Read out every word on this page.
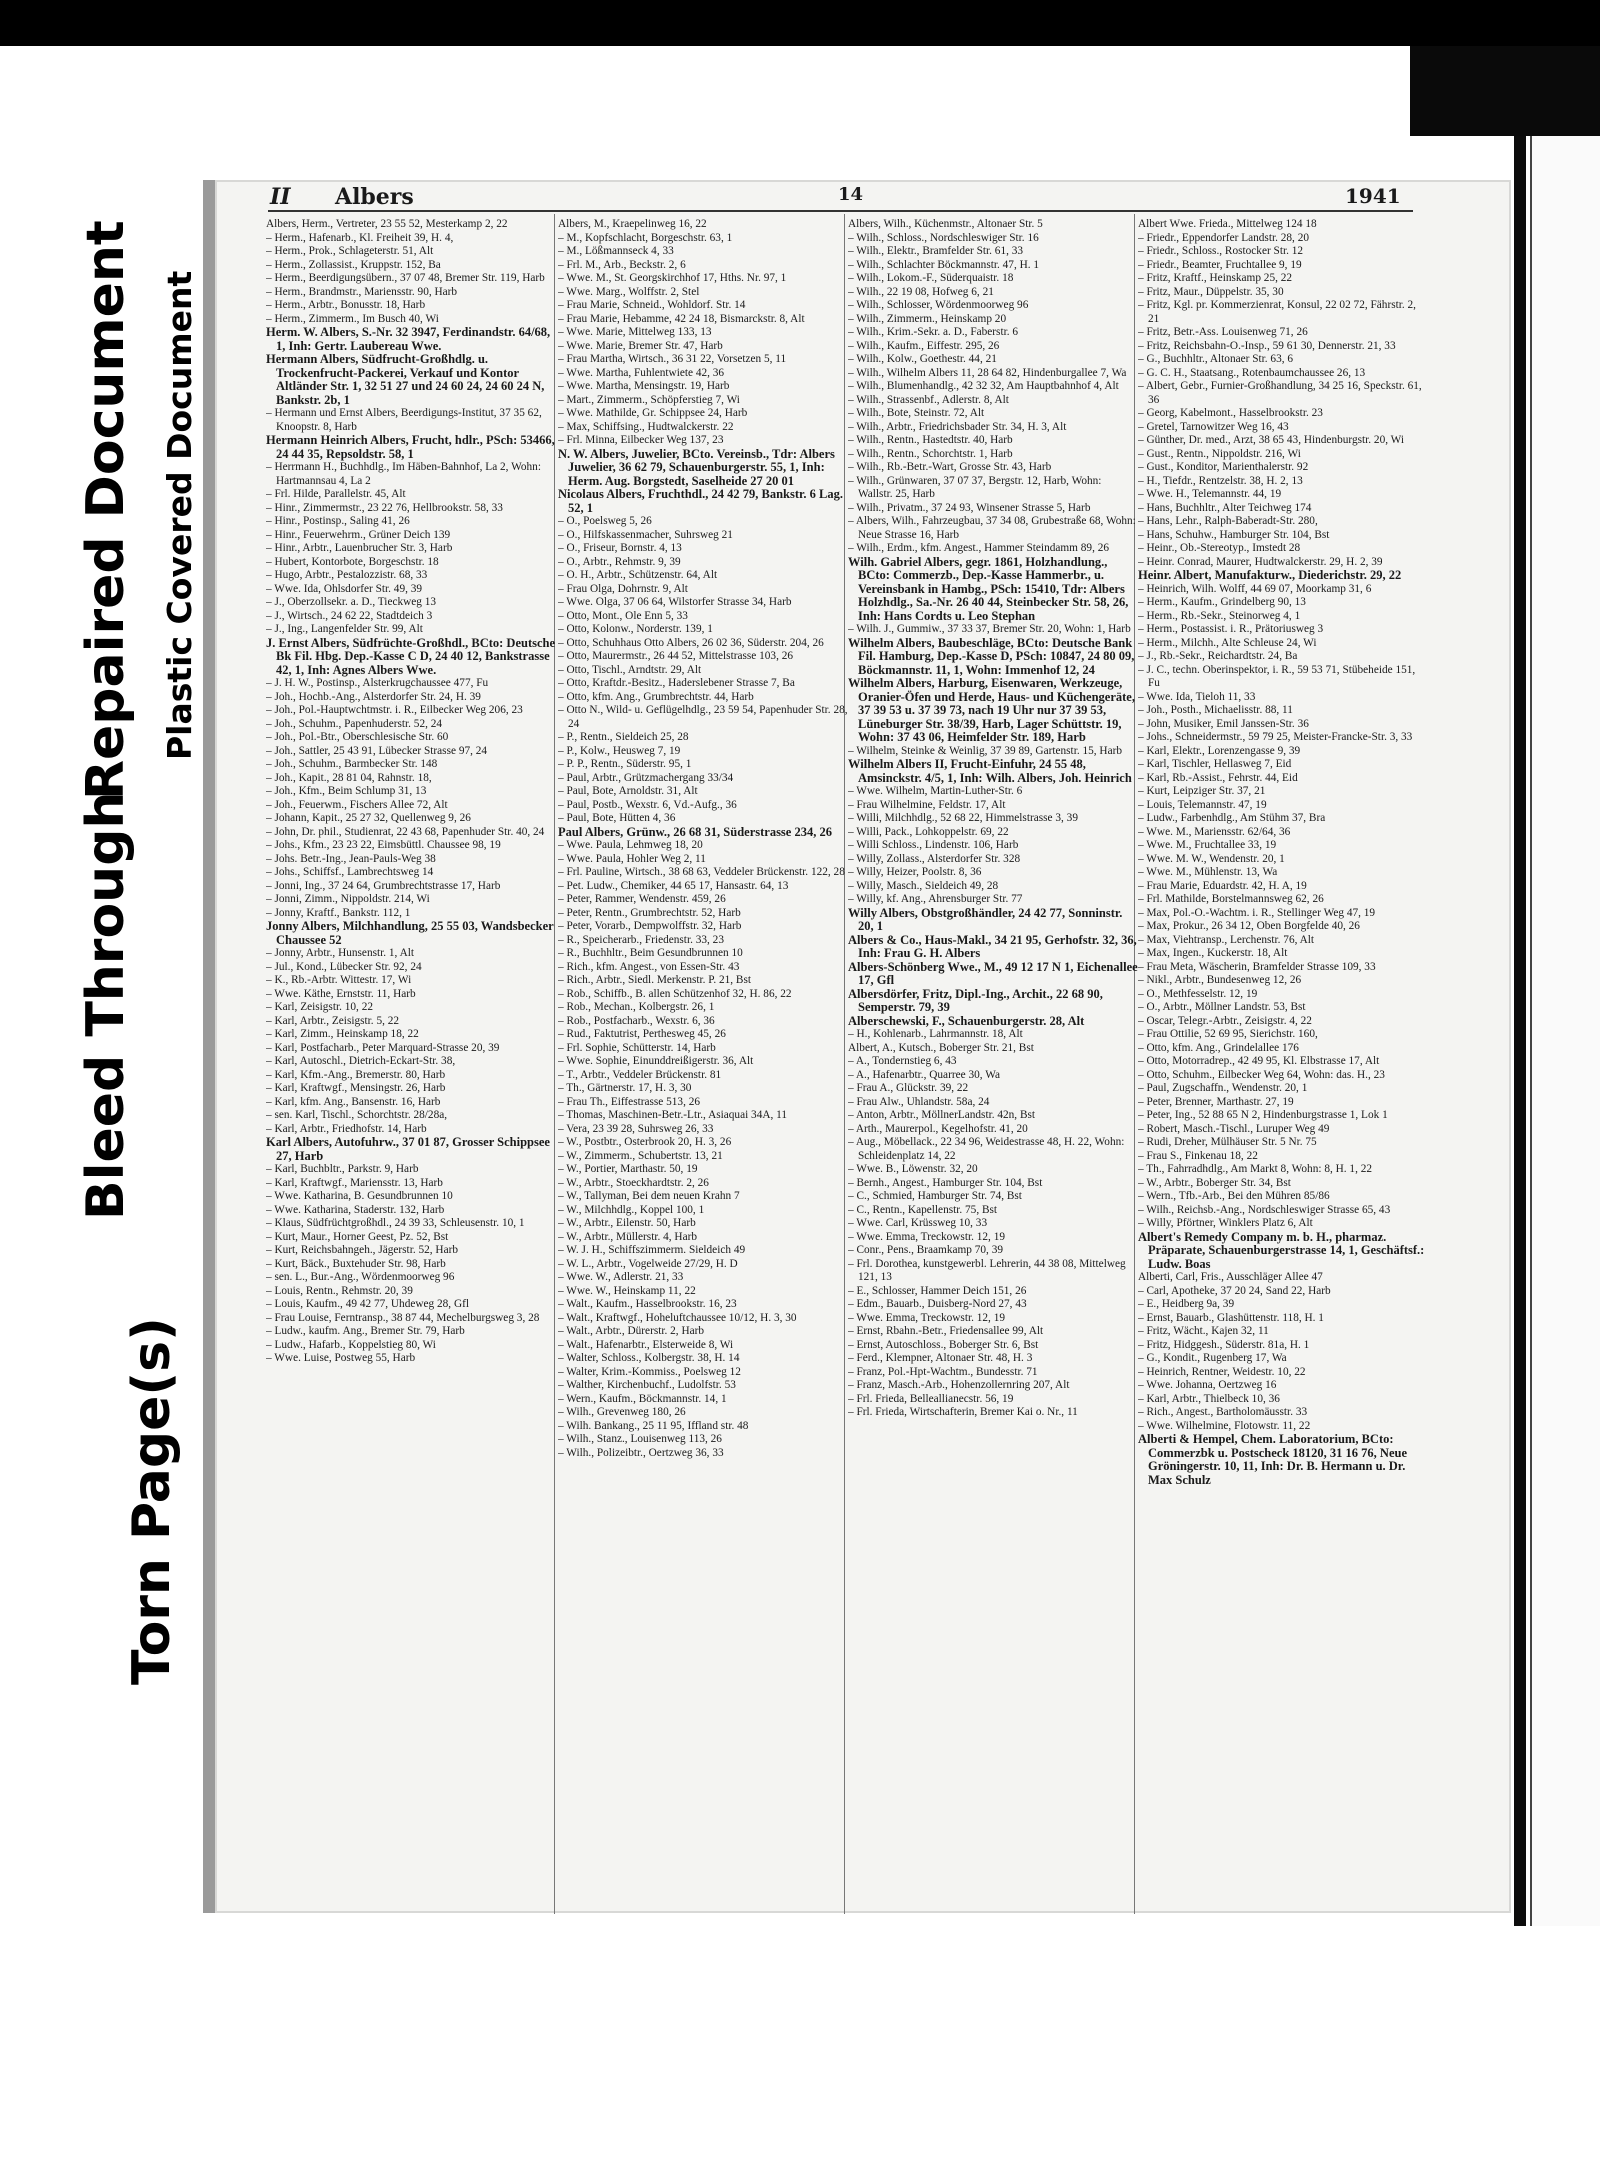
Torn Page(s)
Bleed Through
Repaired Document Plastic Covered Document
II Albers	14	1941

Albers, Herm., Vertreter, 23 55 52, Mesterkamp 2, 22

– Herm., Hafenarb., Kl. Freiheit 39, H. 4,

– Herm., Prok., Schlageterstr. 51, Alt

– Herm., Zollassist., Kruppstr. 152, Ba

– Herm., Beerdigungsübern., 37 07 48, Bremer Str. 119, Harb

– Herm., Brandmstr., Mariensstr. 90, Harb

– Herm., Arbtr., Bonusstr. 18, Harb

– Herm., Zimmerm., Im Busch 40, Wi

Herm. W. Albers, S.-Nr. 32 3947, Ferdinandstr. 64/68, 1, Inh: Gertr. Laubereau Wwe.

Hermann Albers, Südfrucht-Großhdlg. u. Trockenfrucht-Packerei, Verkauf und Kontor Altländer Str. 1, 32 51 27 und 24 60 24, 24 60 24 N, Bankstr. 2b, 1

– Hermann und Ernst Albers, Beerdigungs-Institut, 37 35 62, Knoopstr. 8, Harb

Hermann Heinrich Albers, Frucht, hdlr., PSch: 53466, 24 44 35, Repsoldstr. 58, 1

– Herrmann H., Buchhdlg., Im Häben-Bahnhof, La 2, Wohn: Hartmannsau 4, La 2

– Frl. Hilde, Parallelstr. 45, Alt

– Hinr., Zimmermstr., 23 22 76, Hellbrookstr. 58, 33

– Hinr., Postinsp., Saling 41, 26

– Hinr., Feuerwehrm., Grüner Deich 139

– Hinr., Arbtr., Lauenbrucher Str. 3, Harb

– Hubert, Kontorbote, Borgeschstr. 18

– Hugo, Arbtr., Pestalozzistr. 68, 33

– Wwe. Ida, Ohlsdorfer Str. 49, 39

– J., Oberzollsekr. a. D., Tieckweg 13

– J., Wirtsch., 24 62 22, Stadtdeich 3

– J., Ing., Langenfelder Str. 99, Alt

J. Ernst Albers, Südfrüchte-Großhdl., BCto: Deutsche Bk Fil. Hbg. Dep.-Kasse C D, 24 40 12, Bankstrasse 42, 1, Inh: Agnes Albers Wwe.

– J. H. W., Postinsp., Alsterkrugchaussee 477, Fu

– Joh., Hochb.-Ang., Alsterdorfer Str. 24, H. 39

– Joh., Pol.-Hauptwchtmstr. i. R., Eilbecker Weg 206, 23

– Joh., Schuhm., Papenhuderstr. 52, 24

– Joh., Pol.-Btr., Oberschlesische Str. 60

– Joh., Sattler, 25 43 91, Lübecker Strasse 97, 24

– Joh., Schuhm., Barmbecker Str. 148

– Joh., Kapit., 28 81 04, Rahnstr. 18,

– Joh., Kfm., Beim Schlump 31, 13

– Joh., Feuerwm., Fischers Allee 72, Alt

– Johann, Kapit., 25 27 32, Quellenweg 9, 26

– John, Dr. phil., Studienrat, 22 43 68, Papenhuder Str. 40, 24

– Johs., Kfm., 23 23 22, Eimsbüttl. Chaussee 98, 19

– Johs. Betr.-Ing., Jean-Pauls-Weg 38

– Johs., Schiffsf., Lambrechtsweg 14

– Jonni, Ing., 37 24 64, Grumbrechtstrasse 17, Harb

– Jonni, Zimm., Nippoldstr. 214, Wi

– Jonny, Kraftf., Bankstr. 112, 1

Jonny Albers, Milchhandlung, 25 55 03, Wandsbecker Chaussee 52

– Jonny, Arbtr., Hunsenstr. 1, Alt

– Jul., Kond., Lübecker Str. 92, 24

– K., Rb.-Arbtr. Wittestr. 17, Wi

– Wwe. Käthe, Ernststr. 11, Harb

– Karl, Zeisigstr. 10, 22

– Karl, Arbtr., Zeisigstr. 5, 22

– Karl, Zimm., Heinskamp 18, 22

– Karl, Postfacharb., Peter Marquard-Strasse 20, 39

– Karl, Autoschl., Dietrich-Eckart-Str. 38,

– Karl, Kfm.-Ang., Bremerstr. 80, Harb

– Karl, Kraftwgf., Mensingstr. 26, Harb

– Karl, kfm. Ang., Bansenstr. 16, Harb

– sen. Karl, Tischl., Schorchtstr. 28/28a,

– Karl, Arbtr., Friedhofstr. 14, Harb

Karl Albers, Autofuhrw., 37 01 87, Grosser Schippsee 27, Harb

– Karl, Buchbltr., Parkstr. 9, Harb

– Karl, Kraftwgf., Mariensstr. 13, Harb

– Wwe. Katharina, B. Gesundbrunnen 10

– Wwe. Katharina, Staderstr. 132, Harb

– Klaus, Südfrüchtgroßhdl., 24 39 33, Schleusenstr. 10, 1

– Kurt, Maur., Horner Geest, Pz. 52, Bst

– Kurt, Reichsbahngeh., Jägerstr. 52, Harb

– Kurt, Bäck., Buxtehuder Str. 98, Harb

– sen. L., Bur.-Ang., Wördenmoorweg 96

– Louis, Rentn., Rehmstr. 20, 39

– Louis, Kaufm., 49 42 77, Uhdeweg 28, Gfl

– Frau Louise, Ferntransp., 38 87 44, Mechelburgsweg 3, 28

– Ludw., kaufm. Ang., Bremer Str. 79, Harb

– Ludw., Hafarb., Koppelstieg 80, Wi

– Wwe. Luise, Postweg 55, Harb

Albers, M., Kraepelinweg 16, 22

– M., Kopfschlacht, Borgeschstr. 63, 1

– M., Lößmannseck 4, 33

– Frl. M., Arb., Beckstr. 2, 6

– Wwe. M., St. Georgskirchhof 17, Hths. Nr. 97, 1

– Wwe. Marg., Wolffstr. 2, Stel

– Frau Marie, Schneid., Wohldorf. Str. 14

– Frau Marie, Hebamme, 42 24 18, Bismarckstr. 8, Alt

– Wwe. Marie, Mittelweg 133, 13

– Wwe. Marie, Bremer Str. 47, Harb

– Frau Martha, Wirtsch., 36 31 22, Vorsetzen 5, 11

– Wwe. Martha, Fuhlentwiete 42, 36

– Wwe. Martha, Mensingstr. 19, Harb

– Mart., Zimmerm., Schöpferstieg 7, Wi

– Wwe. Mathilde, Gr. Schippsee 24, Harb

– Max, Schiffsing., Hudtwalckerstr. 22

– Frl. Minna, Eilbecker Weg 137, 23

N. W. Albers, Juwelier, BCto. Vereinsb., Tdr: Albers Juwelier, 36 62 79, Schauenburgerstr. 55, 1, Inh: Herm. Aug. Borgstedt, Saselheide 27 20 01

Nicolaus Albers, Fruchthdl., 24 42 79, Bankstr. 6 Lag. 52, 1

– O., Poelsweg 5, 26

– O., Hilfskassenmacher, Suhrsweg 21

– O., Friseur, Bornstr. 4, 13

– O., Arbtr., Rehmstr. 9, 39

– O. H., Arbtr., Schützenstr. 64, Alt

– Frau Olga, Dohrnstr. 9, Alt

– Wwe. Olga, 37 06 64, Wilstorfer Strasse 34, Harb

– Otto, Mont., Ole Enn 5, 33

– Otto, Kolonw., Norderstr. 139, 1

– Otto, Schuhhaus Otto Albers, 26 02 36, Süderstr. 204, 26

– Otto, Maurermstr., 26 44 52, Mittelstrasse 103, 26

– Otto, Tischl., Arndtstr. 29, Alt

– Otto, Kraftdr.-Besitz., Haderslebener Strasse 7, Ba

– Otto, kfm. Ang., Grumbrechtstr. 44, Harb

– Otto N., Wild- u. Geflügelhdlg., 23 59 54, Papenhuder Str. 28, 24

– P., Rentn., Sieldeich 25, 28

– P., Kolw., Heusweg 7, 19

– P. P., Rentn., Süderstr. 95, 1

– Paul, Arbtr., Grützmachergang 33/34

– Paul, Bote, Arnoldstr. 31, Alt

– Paul, Postb., Wexstr. 6, Vd.-Aufg., 36

– Paul, Bote, Hütten 4, 36

Paul Albers, Grünw., 26 68 31, Süderstrasse 234, 26

– Wwe. Paula, Lehmweg 18, 20

– Wwe. Paula, Hohler Weg 2, 11

– Frl. Pauline, Wirtsch., 38 68 63, Veddeler Brückenstr. 122, 28

– Pet. Ludw., Chemiker, 44 65 17, Hansastr. 64, 13

– Peter, Rammer, Wendenstr. 459, 26

– Peter, Rentn., Grumbrechtstr. 52, Harb

– Peter, Vorarb., Dempwolffstr. 32, Harb

– R., Speicherarb., Friedenstr. 33, 23

– R., Buchhltr., Beim Gesundbrunnen 10

– Rich., kfm. Angest., von Essen-Str. 43

– Rich., Arbtr., Siedl. Merkenstr. P. 21, Bst

– Rob., Schiffb., B. allen Schützenhof 32, H. 86, 22

– Rob., Mechan., Kolbergstr. 26, 1

– Rob., Postfacharb., Wexstr. 6, 36

– Rud., Faktutrist, Perthesweg 45, 26

– Frl. Sophie, Schütterstr. 14, Harb

– Wwe. Sophie, Einunddreißigerstr. 36, Alt

– T., Arbtr., Veddeler Brückenstr. 81

– Th., Gärtnerstr. 17, H. 3, 30

– Frau Th., Eiffestrasse 513, 26

– Thomas, Maschinen-Betr.-Ltr., Asiaquai 34A, 11

– Vera, 23 39 28, Suhrsweg 26, 33

– W., Postbtr., Osterbrook 20, H. 3, 26

– W., Zimmerm., Schubertstr. 13, 21

– W., Portier, Marthastr. 50, 19

– W., Arbtr., Stoeckhardtstr. 2, 26

– W., Tallyman, Bei dem neuen Krahn 7

– W., Milchhdlg., Koppel 100, 1

– W., Arbtr., Eilenstr. 50, Harb

– W., Arbtr., Müllerstr. 4, Harb

– W. J. H., Schiffszimmerm. Sieldeich 49

– W. L., Arbtr., Vogelweide 27/29, H. D

– Wwe. W., Adlerstr. 21, 33

– Wwe. W., Heinskamp 11, 22

– Walt., Kaufm., Hasselbrookstr. 16, 23

– Walt., Kraftwgf., Hoheluftchaussee 10/12, H. 3, 30

– Walt., Arbtr., Dürerstr. 2, Harb

– Walt., Hafenarbtr., Elsterweide 8, Wi

– Walter, Schloss., Kolbergstr. 38, H. 14

– Walter, Krim.-Kommiss., Poelsweg 12

– Walther, Kirchenbuchf., Ludolfstr. 53

– Wern., Kaufm., Böckmannstr. 14, 1

– Wilh., Grevenweg 180, 26

– Wilh. Bankang., 25 11 95, Iffland str. 48

– Wilh., Stanz., Louisenweg 113, 26

– Wilh., Polizeibtr., Oertzweg 36, 33

Albers, Wilh., Küchenmstr., Altonaer Str. 5

– Wilh., Schloss., Nordschleswiger Str. 16

– Wilh., Elektr., Bramfelder Str. 61, 33

– Wilh., Schlachter Böckmannstr. 47, H. 1

– Wilh., Lokom.-F., Süderquaistr. 18

– Wilh., 22 19 08, Hofweg 6, 21

– Wilh., Schlosser, Wördenmoorweg 96

– Wilh., Zimmerm., Heinskamp 20

– Wilh., Krim.-Sekr. a. D., Faberstr. 6

– Wilh., Kaufm., Eiffestr. 295, 26

– Wilh., Kolw., Goethestr. 44, 21

– Wilh., Wilhelm Albers 11, 28 64 82, Hindenburgallee 7, Wa

– Wilh., Blumenhandlg., 42 32 32, Am Hauptbahnhof 4, Alt

– Wilh., Strassenbf., Adlerstr. 8, Alt

– Wilh., Bote, Steinstr. 72, Alt

– Wilh., Arbtr., Friedrichsbader Str. 34, H. 3, Alt

– Wilh., Rentn., Hastedtstr. 40, Harb

– Wilh., Rentn., Schorchtstr. 1, Harb

– Wilh., Rb.-Betr.-Wart, Grosse Str. 43, Harb

– Wilh., Grünwaren, 37 07 37, Bergstr. 12, Harb, Wohn: Wallstr. 25, Harb

– Wilh., Privatm., 37 24 93, Winsener Strasse 5, Harb

– Albers, Wilh., Fahrzeugbau, 37 34 08, Grubestraße 68, Wohn: Neue Strasse 16, Harb

– Wilh., Erdm., kfm. Angest., Hammer Steindamm 89, 26

Wilh. Gabriel Albers, gegr. 1861, Holzhandlung., BCto: Commerzb., Dep.-Kasse Hammerbr., u. Vereinsbank in Hambg., PSch: 15410, Tdr: Albers Holzhdlg., Sa.-Nr. 26 40 44, Steinbecker Str. 58, 26, Inh: Hans Cordts u. Leo Stephan

– Wilh. J., Gummiw., 37 33 37, Bremer Str. 20, Wohn: 1, Harb

Wilhelm Albers, Baubeschläge, BCto: Deutsche Bank Fil. Hamburg, Dep.-Kasse D, PSch: 10847, 24 80 09, Böckmannstr. 11, 1, Wohn: Immenhof 12, 24

Wilhelm Albers, Harburg, Eisenwaren, Werkzeuge, Oranier-Öfen und Herde, Haus- und Küchengeräte, 37 39 53 u. 37 39 73, nach 19 Uhr nur 37 39 53, Lüneburger Str. 38/39, Harb, Lager Schüttstr. 19, Wohn: 37 43 06, Heimfelder Str. 189, Harb

– Wilhelm, Steinke & Weinlig, 37 39 89, Gartenstr. 15, Harb

Wilhelm Albers II, Frucht-Einfuhr, 24 55 48, Amsinckstr. 4/5, 1, Inh: Wilh. Albers, Joh. Heinrich

– Wwe. Wilhelm, Martin-Luther-Str. 6

– Frau Wilhelmine, Feldstr. 17, Alt

– Willi, Milchhdlg., 52 68 22, Himmelstrasse 3, 39

– Willi, Pack., Lohkoppelstr. 69, 22

– Willi Schloss., Lindenstr. 106, Harb

– Willy, Zollass., Alsterdorfer Str. 328

– Willy, Heizer, Poolstr. 8, 36

– Willy, Masch., Sieldeich 49, 28

– Willy, kf. Ang., Ahrensburger Str. 77

Willy Albers, Obstgroßhändler, 24 42 77, Sonninstr. 20, 1

Albers & Co., Haus-Makl., 34 21 95, Gerhofstr. 32, 36, Inh: Frau G. H. Albers

Albers-Schönberg Wwe., M., 49 12 17 N 1, Eichenallee 17, Gfl

Albersdörfer, Fritz, Dipl.-Ing., Archit., 22 68 90, Semperstr. 79, 39

Alberschewski, F., Schauenburgerstr. 28, Alt

– H., Kohlenarb., Lahrmannstr. 18, Alt

Albert, A., Kutsch., Boberger Str. 21, Bst

– A., Tondernstieg 6, 43

– A., Hafenarbtr., Quarree 30, Wa

– Frau A., Glückstr. 39, 22

– Frau Alw., Uhlandstr. 58a, 24

– Anton, Arbtr., MöllnerLandstr. 42n, Bst

– Arth., Maurerpol., Kegelhofstr. 41, 20

– Aug., Möbellack., 22 34 96, Weidestrasse 48, H. 22, Wohn: Schleidenplatz 14, 22

– Wwe. B., Löwenstr. 32, 20

– Bernh., Angest., Hamburger Str. 104, Bst

– C., Schmied, Hamburger Str. 74, Bst

– C., Rentn., Kapellenstr. 75, Bst

– Wwe. Carl, Krüssweg 10, 33

– Wwe. Emma, Treckowstr. 12, 19

– Conr., Pens., Braamkamp 70, 39

– Frl. Dorothea, kunstgewerbl. Lehrerin, 44 38 08, Mittelweg 121, 13

– E., Schlosser, Hammer Deich 151, 26

– Edm., Bauarb., Duisberg-Nord 27, 43

– Wwe. Emma, Treckowstr. 12, 19

– Ernst, Rbahn.-Betr., Friedensallee 99, Alt

– Ernst, Autoschloss., Boberger Str. 6, Bst

– Ferd., Klempner, Altonaer Str. 48, H. 3

– Franz, Pol.-Hpt-Wachtm., Bundesstr. 71

– Franz, Masch.-Arb., Hohenzollernring 207, Alt

– Frl. Frieda, Belleallianecstr. 56, 19

– Frl. Frieda, Wirtschafterin, Bremer Kai o. Nr., 11

Albert Wwe. Frieda., Mittelweg 124 18

– Friedr., Eppendorfer Landstr. 28, 20

– Friedr., Schloss., Rostocker Str. 12

– Friedr., Beamter, Fruchtallee 9, 19

– Fritz, Kraftf., Heinskamp 25, 22

– Fritz, Maur., Düppelstr. 35, 30

– Fritz, Kgl. pr. Kommerzienrat, Konsul, 22 02 72, Fährstr. 2, 21

– Fritz, Betr.-Ass. Louisenweg 71, 26

– Fritz, Reichsbahn-O.-Insp., 59 61 30, Dennerstr. 21, 33

– G., Buchhltr., Altonaer Str. 63, 6

– G. C. H., Staatsang., Rotenbaumchaussee 26, 13

– Albert, Gebr., Furnier-Großhandlung, 34 25 16, Speckstr. 61, 36

– Georg, Kabelmont., Hasselbrookstr. 23

– Gretel, Tarnowitzer Weg 16, 43

– Günther, Dr. med., Arzt, 38 65 43, Hindenburgstr. 20, Wi

– Gust., Rentn., Nippoldstr. 216, Wi

– Gust., Konditor, Marienthalerstr. 92

– H., Tiefdr., Rentzelstr. 38, H. 2, 13

– Wwe. H., Telemannstr. 44, 19

– Hans, Buchhltr., Alter Teichweg 174

– Hans, Lehr., Ralph-Baberadt-Str. 280,

– Hans, Schuhw., Hamburger Str. 104, Bst

– Heinr., Ob.-Stereotyp., Imstedt 28

– Heinr. Conrad, Maurer, Hudtwalckerstr. 29, H. 2, 39

Heinr. Albert, Manufakturw., Diederichstr. 29, 22

– Heinrich, Wilh. Wolff, 44 69 07, Moorkamp 31, 6

– Herm., Kaufm., Grindelberg 90, 13

– Herm., Rb.-Sekr., Steinorweg 4, 1

– Herm., Postassist. i. R., Prätoriusweg 3

– Herm., Milchh., Alte Schleuse 24, Wi

– J., Rb.-Sekr., Reichardtstr. 24, Ba

– J. C., techn. Oberinspektor, i. R., 59 53 71, Stübeheide 151, Fu

– Wwe. Ida, Tieloh 11, 33

– Joh., Posth., Michaelisstr. 88, 11

– John, Musiker, Emil Janssen-Str. 36

– Johs., Schneidermstr., 59 79 25, Meister-Francke-Str. 3, 33

– Karl, Elektr., Lorenzengasse 9, 39

– Karl, Tischler, Hellasweg 7, Eid

– Karl, Rb.-Assist., Fehrstr. 44, Eid

– Kurt, Leipziger Str. 37, 21

– Louis, Telemannstr. 47, 19

– Ludw., Farbenhdlg., Am Stühm 37, Bra

– Wwe. M., Mariensstr. 62/64, 36

– Wwe. M., Fruchtallee 33, 19

– Wwe. M. W., Wendenstr. 20, 1

– Wwe. M., Mühlenstr. 13, Wa

– Frau Marie, Eduardstr. 42, H. A, 19

– Frl. Mathilde, Borstelmannsweg 62, 26

– Max, Pol.-O.-Wachtm. i. R., Stellinger Weg 47, 19

– Max, Prokur., 26 34 12, Oben Borgfelde 40, 26

– Max, Viehtransp., Lerchenstr. 76, Alt

– Max, Ingen., Kuckerstr. 18, Alt

– Frau Meta, Wäscherin, Bramfelder Strasse 109, 33

– Nikl., Arbtr., Bundesenweg 12, 26

– O., Methfesselstr. 12, 19

– O., Arbtr., Möllner Landstr. 53, Bst

– Oscar, Telegr.-Arbtr., Zeisigstr. 4, 22

– Frau Ottilie, 52 69 95, Sierichstr. 160,

– Otto, kfm. Ang., Grindelallee 176

– Otto, Motorradrep., 42 49 95, Kl. Elbstrasse 17, Alt

– Otto, Schuhm., Eilbecker Weg 64, Wohn: das. H., 23

– Paul, Zugschaffn., Wendenstr. 20, 1

– Peter, Brenner, Marthastr. 27, 19

– Peter, Ing., 52 88 65 N 2, Hindenburgstrasse 1, Lok 1

– Robert, Masch.-Tischl., Luruper Weg 49

– Rudi, Dreher, Mülhäuser Str. 5 Nr. 75

– Frau S., Finkenau 18, 22

– Th., Fahrradhdlg., Am Markt 8, Wohn: 8, H. 1, 22

– W., Arbtr., Boberger Str. 34, Bst

– Wern., Tfb.-Arb., Bei den Mühren 85/86

– Wilh., Reichsb.-Ang., Nordschleswiger Strasse 65, 43

– Willy, Pförtner, Winklers Platz 6, Alt

Albert's Remedy Company m. b. H., pharmaz. Präparate, Schauenburgerstrasse 14, 1, Geschäftsf.: Ludw. Boas

Alberti, Carl, Fris., Ausschläger Allee 47

– Carl, Apotheke, 37 20 24, Sand 22, Harb

– E., Heidberg 9a, 39

– Ernst, Bauarb., Glashüttenstr. 118, H. 1

– Fritz, Wächt., Kajen 32, 11

– Fritz, Hidggesh., Süderstr. 81a, H. 1

– G., Kondit., Rugenberg 17, Wa

– Heinrich, Rentner, Weidestr. 10, 22

– Wwe. Johanna, Oertzweg 16

– Karl, Arbtr., Thielbeck 10, 36

– Rich., Angest., Bartholomäusstr. 33

– Wwe. Wilhelmine, Flotowstr. 11, 22

Alberti & Hempel, Chem. Laboratorium, BCto: Commerzbk u. Postscheck 18120, 31 16 76, Neue Gröningerstr. 10, 11, Inh: Dr. B. Hermann u. Dr. Max Schulz
